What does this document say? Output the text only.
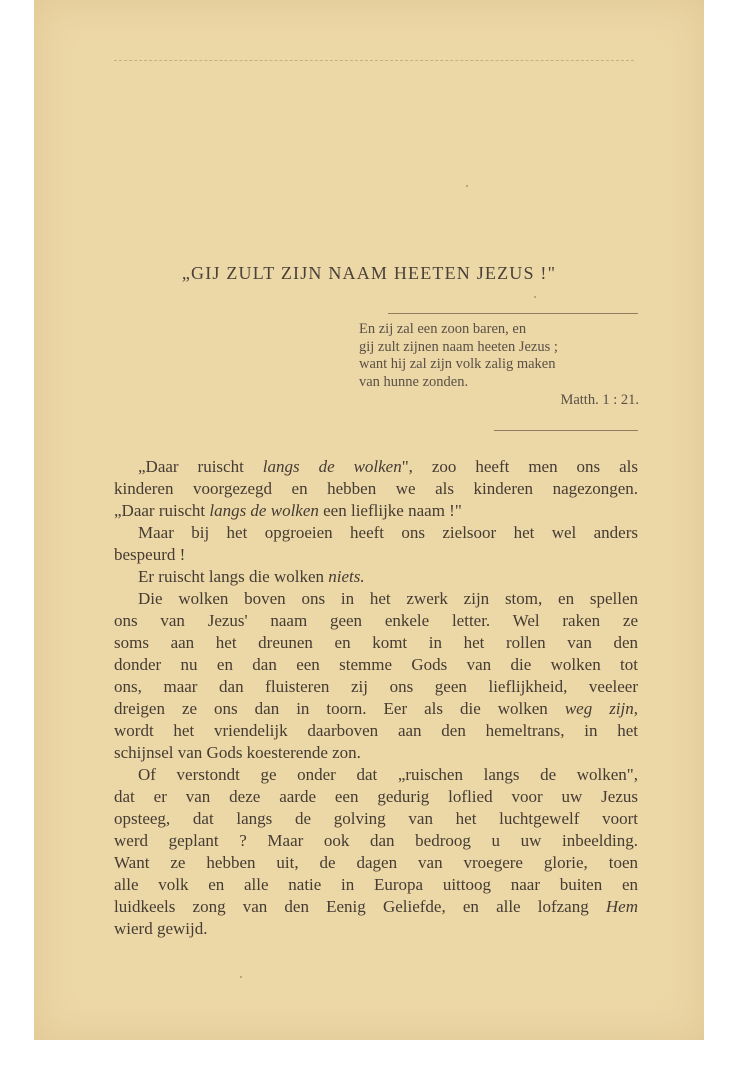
„GIJ ZULT ZIJN NAAM HEETEN JEZUS !"
En zij zal een zoon baren, en
gij zult zijnen naam heeten Jezus ;
want hij zal zijn volk zalig maken
van hunne zonden.
Matth. 1 : 21.
„Daar ruischt langs de wolken", zoo heeft men ons als
kinderen voorgezegd en hebben we als kinderen nagezongen.
„Daar ruischt langs de wolken een lieflijke naam !"
Maar bij het opgroeien heeft ons zielsoor het wel anders
bespeurd !
Er ruischt langs die wolken niets.
Die wolken boven ons in het zwerk zijn stom, en spellen
ons van Jezus' naam geen enkele letter. Wel raken ze
soms aan het dreunen en komt in het rollen van den
donder nu en dan een stemme Gods van die wolken tot
ons, maar dan fluisteren zij ons geen lieflijkheid, veeleer
dreigen ze ons dan in toorn. Eer als die wolken weg zijn,
wordt het vriendelijk daarboven aan den hemeltrans, in het
schijnsel van Gods koesterende zon.
Of verstondt ge onder dat „ruischen langs de wolken",
dat er van deze aarde een gedurig loflied voor uw Jezus
opsteeg, dat langs de golving van het luchtgewelf voort
werd geplant ? Maar ook dan bedroog u uw inbeelding.
Want ze hebben uit, de dagen van vroegere glorie, toen
alle volk en alle natie in Europa uittoog naar buiten en
luidkeels zong van den Eenig Geliefde, en alle lofzang Hem
wierd gewijd.
